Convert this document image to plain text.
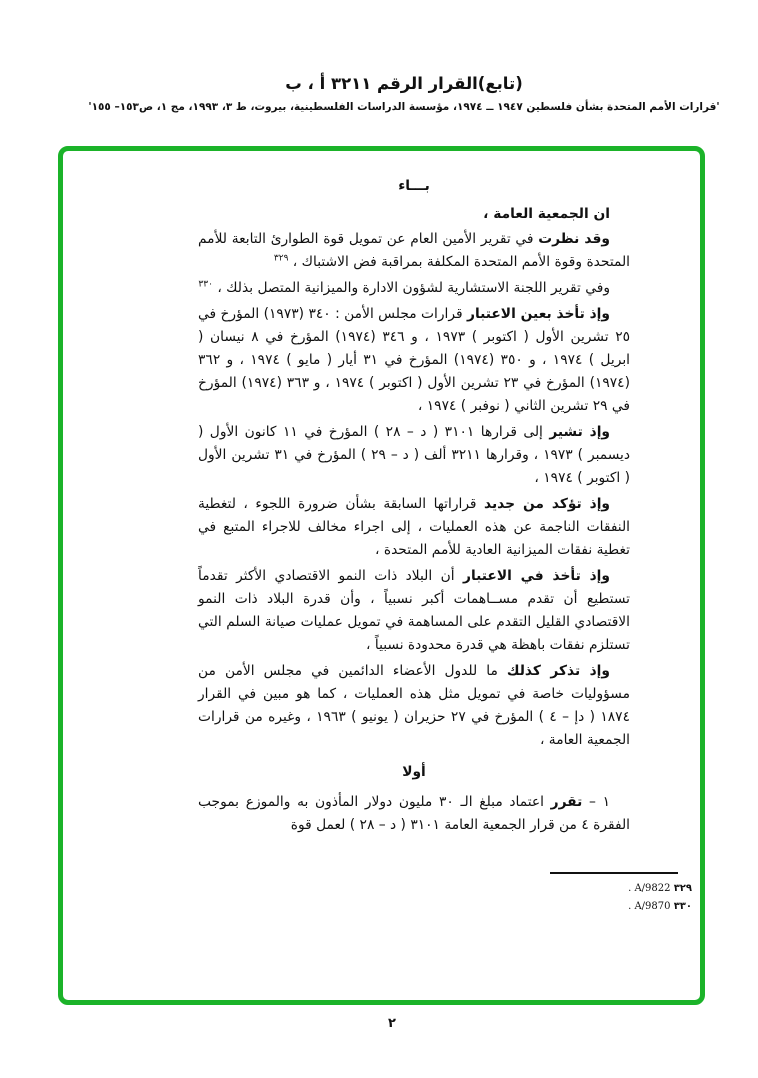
(تابع)القرار الرقم ٣٢١١ أ ، ب
'قرارات الأمم المتحدة بشأن فلسطين ١٩٤٧ ــ ١٩٧٤، مؤسسة الدراسات الفلسطينية، بيروت، ط ٣، ١٩٩٣، مج ١، ص١٥٣– ١٥٥'
بـــاء
ان الجمعية العامة ،

وقد نظرت في تقرير الأمين العام عن تمويل قوة الطوارئ التابعة للأمم المتحدة وقوة الأمم المتحدة المكلفة بمراقبة فض الاشتباك ، $^{٣٢٩}$

وفي تقرير اللجنة الاستشارية لشؤون الادارة والميزانية المتصل بذلك ، $^{٣٣٠}$

وإذ تأخذ بعين الاعتبار قرارات مجلس الأمن : ٣٤٠ (١٩٧٣) المؤرخ في ٢٥ تشرين الأول ( اكتوبر ) ١٩٧٣ ، و ٣٤٦ (١٩٧٤) المؤرخ في ٨ نيسان ( ابريل ) ١٩٧٤ ، و ٣٥٠ (١٩٧٤) المؤرخ في ٣١ أيار ( مايو ) ١٩٧٤ ، و ٣٦٢ (١٩٧٤) المؤرخ في ٢٣ تشرين الأول ( اكتوبر ) ١٩٧٤ ، و ٣٦٣ (١٩٧٤) المؤرخ في ٢٩ تشرين الثاني ( نوفبر ) ١٩٧٤ ،

وإذ تشير إلى قرارها ٣١٠١ ( د – ٢٨ ) المؤرخ في ١١ كانون الأول ( ديسمبر ) ١٩٧٣ ، وقرارها ٣٢١١ ألف ( د – ٢٩ ) المؤرخ في ٣١ تشرين الأول ( اكتوبر ) ١٩٧٤ ،

وإذ تؤكد من جديد قراراتها السابقة بشأن ضرورة اللجوء ، لتغطية النفقات الناجمة عن هذه العمليات ، إلى اجراء مخالف للاجراء المتبع في تغطية نفقات الميزانية العادية للأمم المتحدة ،

وإذ تأخذ في الاعتبار أن البلاد ذات النمو الاقتصادي الأكثر تقدماً تستطيع أن تقدم مســاهمات أكبر نسبياً ، وأن قدرة البلاد ذات النمو الاقتصادي القليل التقدم على المساهمة في تمويل عمليات صيانة السلم التي تستلزم نفقات باهظة هي قدرة محدودة نسبياً ،

وإذ تذكر كذلك ما للدول الأعضاء الدائمين في مجلس الأمن من مسؤوليات خاصة في تمويل مثل هذه العمليات ، كما هو مبين في القرار ١٨٧٤ ( دإ – ٤ ) المؤرخ في ٢٧ حزيران ( يونيو ) ١٩٦٣ ، وغيره من قرارات الجمعية العامة ،

أولا

١ – تقرر اعتماد مبلغ الـ ٣٠ مليون دولار المأذون به والموزع بموجب الفقرة ٤ من قرار الجمعية العامة ٣١٠١ ( د – ٢٨ ) لعمل قوة

٣٢٩ A/9822 .
٣٣٠ A/9870 .
٢
